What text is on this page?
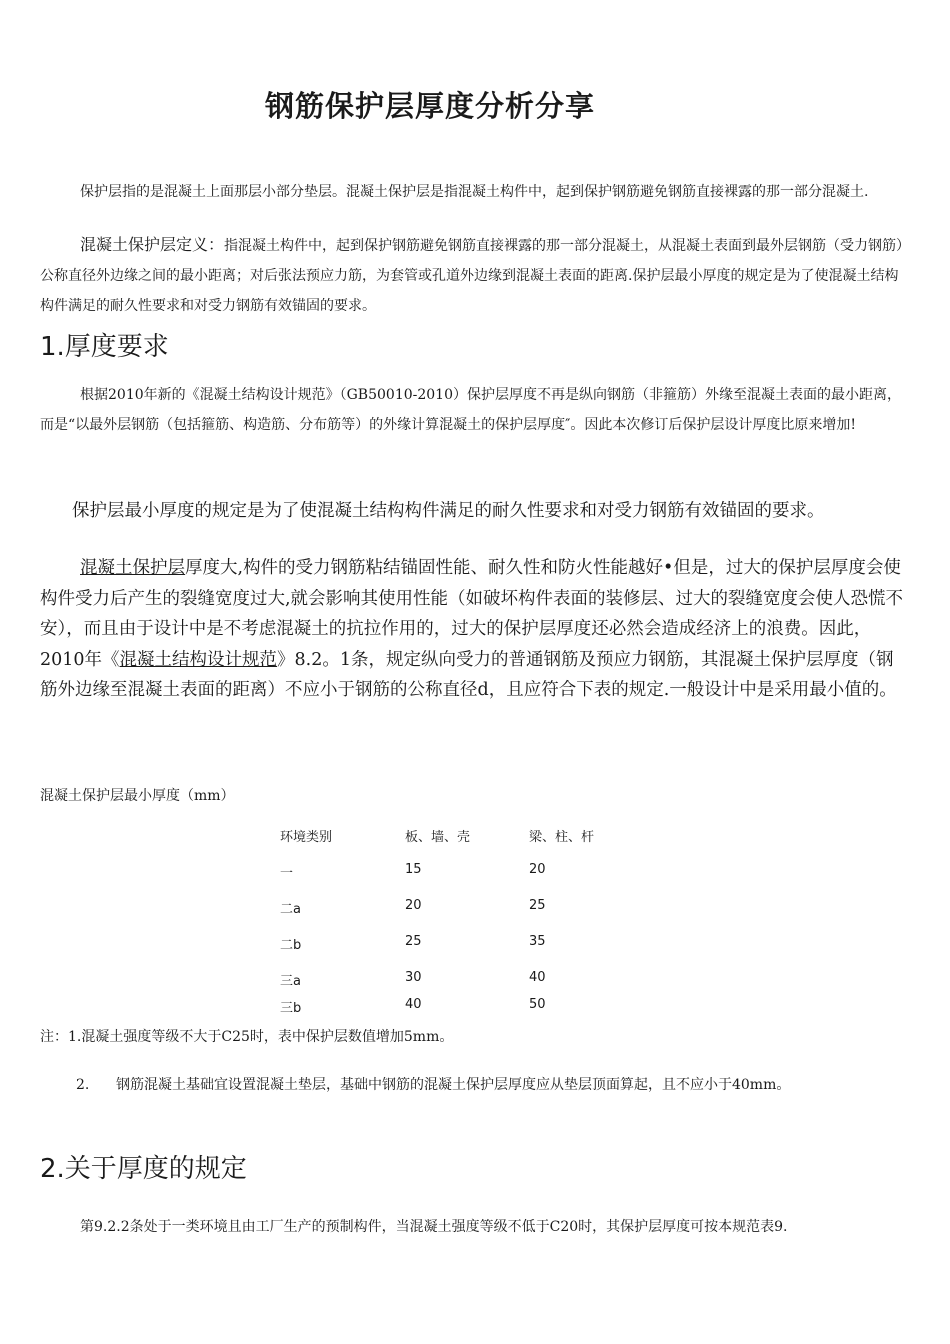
钢筋保护层厚度分析分享

保护层指的是混凝土上面那层小部分垫层。混凝土保护层是指混凝土构件中，起到保护钢筋避免钢筋直接裸露的那一部分混凝土.

混凝土保护层定义：指混凝土构件中，起到保护钢筋避免钢筋直接裸露的那一部分混凝土，从混凝土表面到最外层钢筋（受力钢筋）公称直径外边缘之间的最小距离；对后张法预应力筋，为套管或孔道外边缘到混凝土表面的距离.保护层最小厚度的规定是为了使混凝土结构构件满足的耐久性要求和对受力钢筋有效锚固的要求。

1.厚度要求

根据2010年新的《混凝土结构设计规范》（GB50010-2010）保护层厚度不再是纵向钢筋（非箍筋）外缘至混凝土表面的最小距离，而是“以最外层钢筋（包括箍筋、构造筋、分布筋等）的外缘计算混凝土的保护层厚度″。因此本次修订后保护层设计厚度比原来增加!

保护层最小厚度的规定是为了使混凝土结构构件满足的耐久性要求和对受力钢筋有效锚固的要求。

混凝土保护层厚度大,构件的受力钢筋粘结锚固性能、耐久性和防火性能越好•但是，过大的保护层厚度会使构件受力后产生的裂缝宽度过大,就会影响其使用性能（如破坏构件表面的装修层、过大的裂缝宽度会使人恐慌不安），而且由于设计中是不考虑混凝土的抗拉作用的，过大的保护层厚度还必然会造成经济上的浪费。因此，2010年《混凝土结构设计规范》8.2。1条，规定纵向受力的普通钢筋及预应力钢筋，其混凝土保护层厚度（钢筋外边缘至混凝土表面的距离）不应小于钢筋的公称直径d，且应符合下表的规定.一般设计中是采用最小值的。

混凝土保护层最小厚度（mm）
环境类别	板、墙、壳	梁、柱、杆
一	15	20
二a	20	25
二b	25	35
三a	30	40
三b	40	50
注：1.混凝土强度等级不大于C25时，表中保护层数值增加5mm。
2. 钢筋混凝土基础宜设置混凝土垫层，基础中钢筋的混凝土保护层厚度应从垫层顶面算起，且不应小于40mm。
2.关于厚度的规定

第9.2.2条处于一类环境且由工厂生产的预制构件，当混凝土强度等级不低于C20时，其保护层厚度可按本规范表9.
